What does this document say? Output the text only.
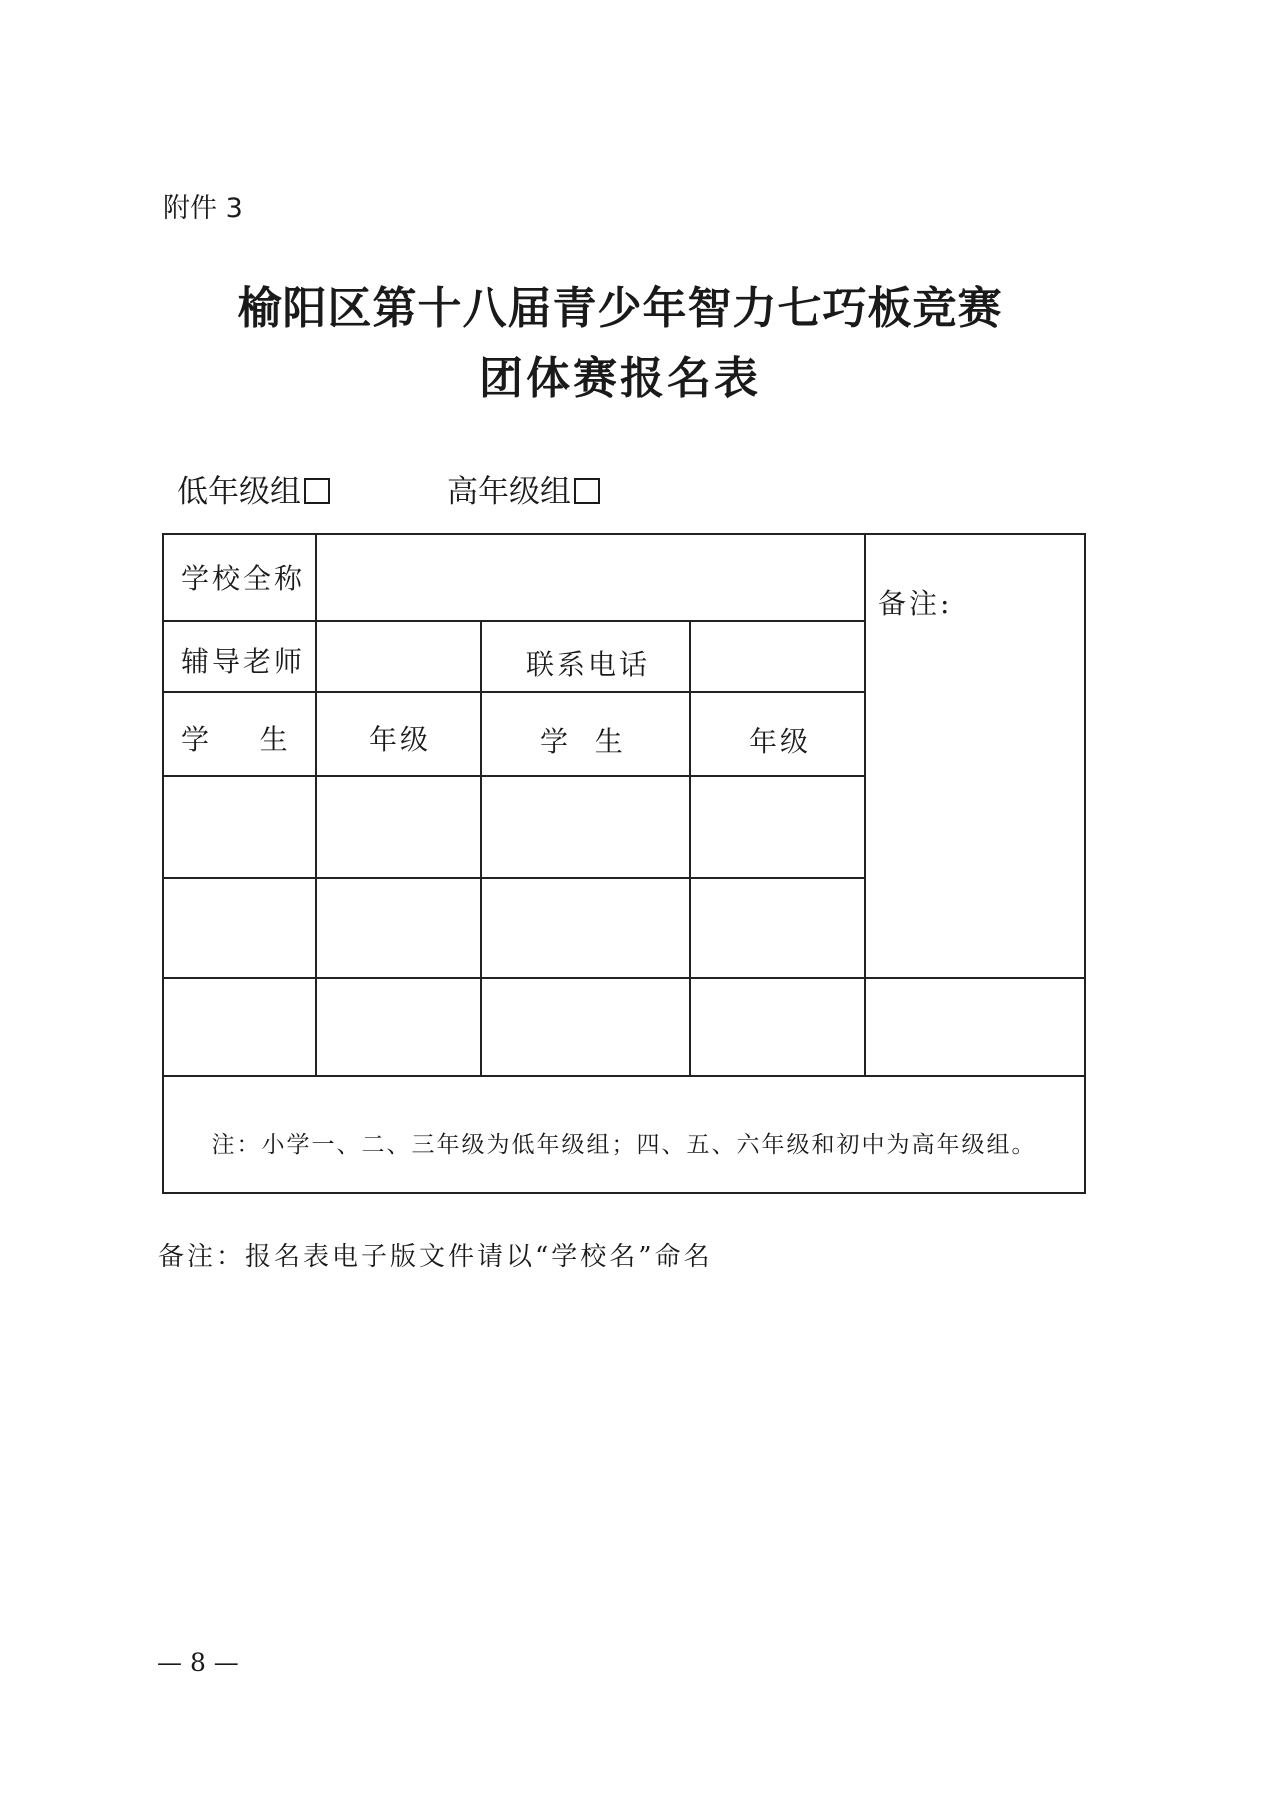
附件 3
榆阳区第十八届青少年智力七巧板竞赛
团体赛报名表
低年级组	高年级组
学校全称
备注:
辅导老师	联系电话
学    生	年级	学  生	年级
注：小学一、二、三年级为低年级组；四、五、六年级和初中为高年级组。
备注：报名表电子版文件请以“学校名”命名
— 8 —
